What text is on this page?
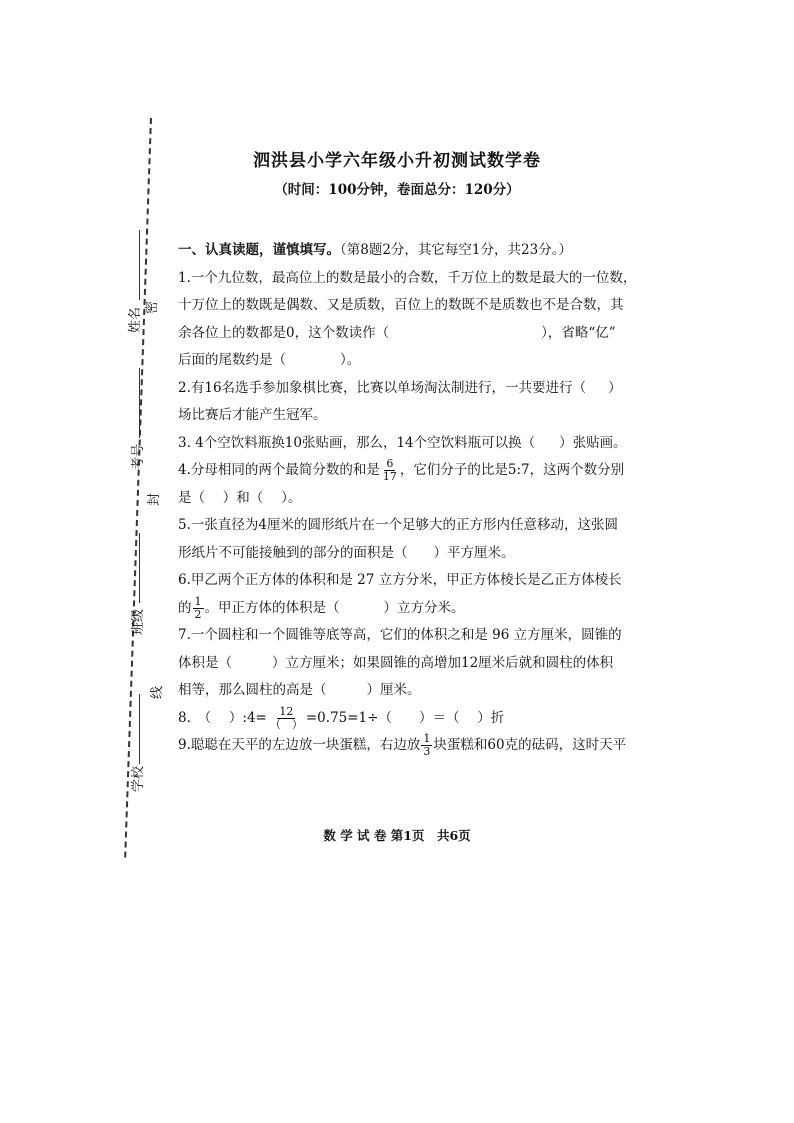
姓名 密
考号
封
班级
线
学校
泗洪县小学六年级小升初测试数学卷
（时间：100分钟，卷面总分：120分）
一、认真读题，谨慎填写。（第8题2分，其它每空1分，共23分。）
1.一个九位数，最高位上的数是最小的合数，千万位上的数是最大的一位数，
十万位上的数既是偶数、又是质数，百位上的数既不是质数也不是合数，其
余各位上的数都是0，这个数读作（	），省略“亿”
后面的尾数约是（	）。
2.有16名选手参加象棋比赛，比赛以单场淘汰制进行，一共要进行（ ）
场比赛后才能产生冠军。
3. 4个空饮料瓶换10张贴画，那么，14个空饮料瓶可以换（ ）张贴画。
4.分母相同的两个最简分数的和是 $\frac{6}{17}$ ，它们分子的比是5:7，这两个数分别
是（　 ）和（　 ）。
5.一张直径为4厘米的圆形纸片在一个足够大的正方形内任意移动，这张圆
形纸片不可能接触到的部分的面积是（ ）平方厘米。
6.甲乙两个正方体的体积和是 27 立方分米，甲正方体棱长是乙正方体棱长
的 $\frac{1}{2}$ 。甲正方体的体积是（	）立方分米。
7.一个圆柱和一个圆锥等底等高，它们的体积之和是 96 立方厘米，圆锥的
体积是（	）立方厘米；如果圆锥的高增加12厘米后就和圆柱的体积
相等，那么圆柱的高是（	）厘米。
8.　（　 ）:4= $\frac{12}{( )} =0.75=1\div$（　　）＝（　 ）折
9.聪聪在天平的左边放一块蛋糕，右边放 $\frac{1}{3}$ 块蛋糕和60克的砝码，这时天平
数 学 试 卷 第1页　共6页
